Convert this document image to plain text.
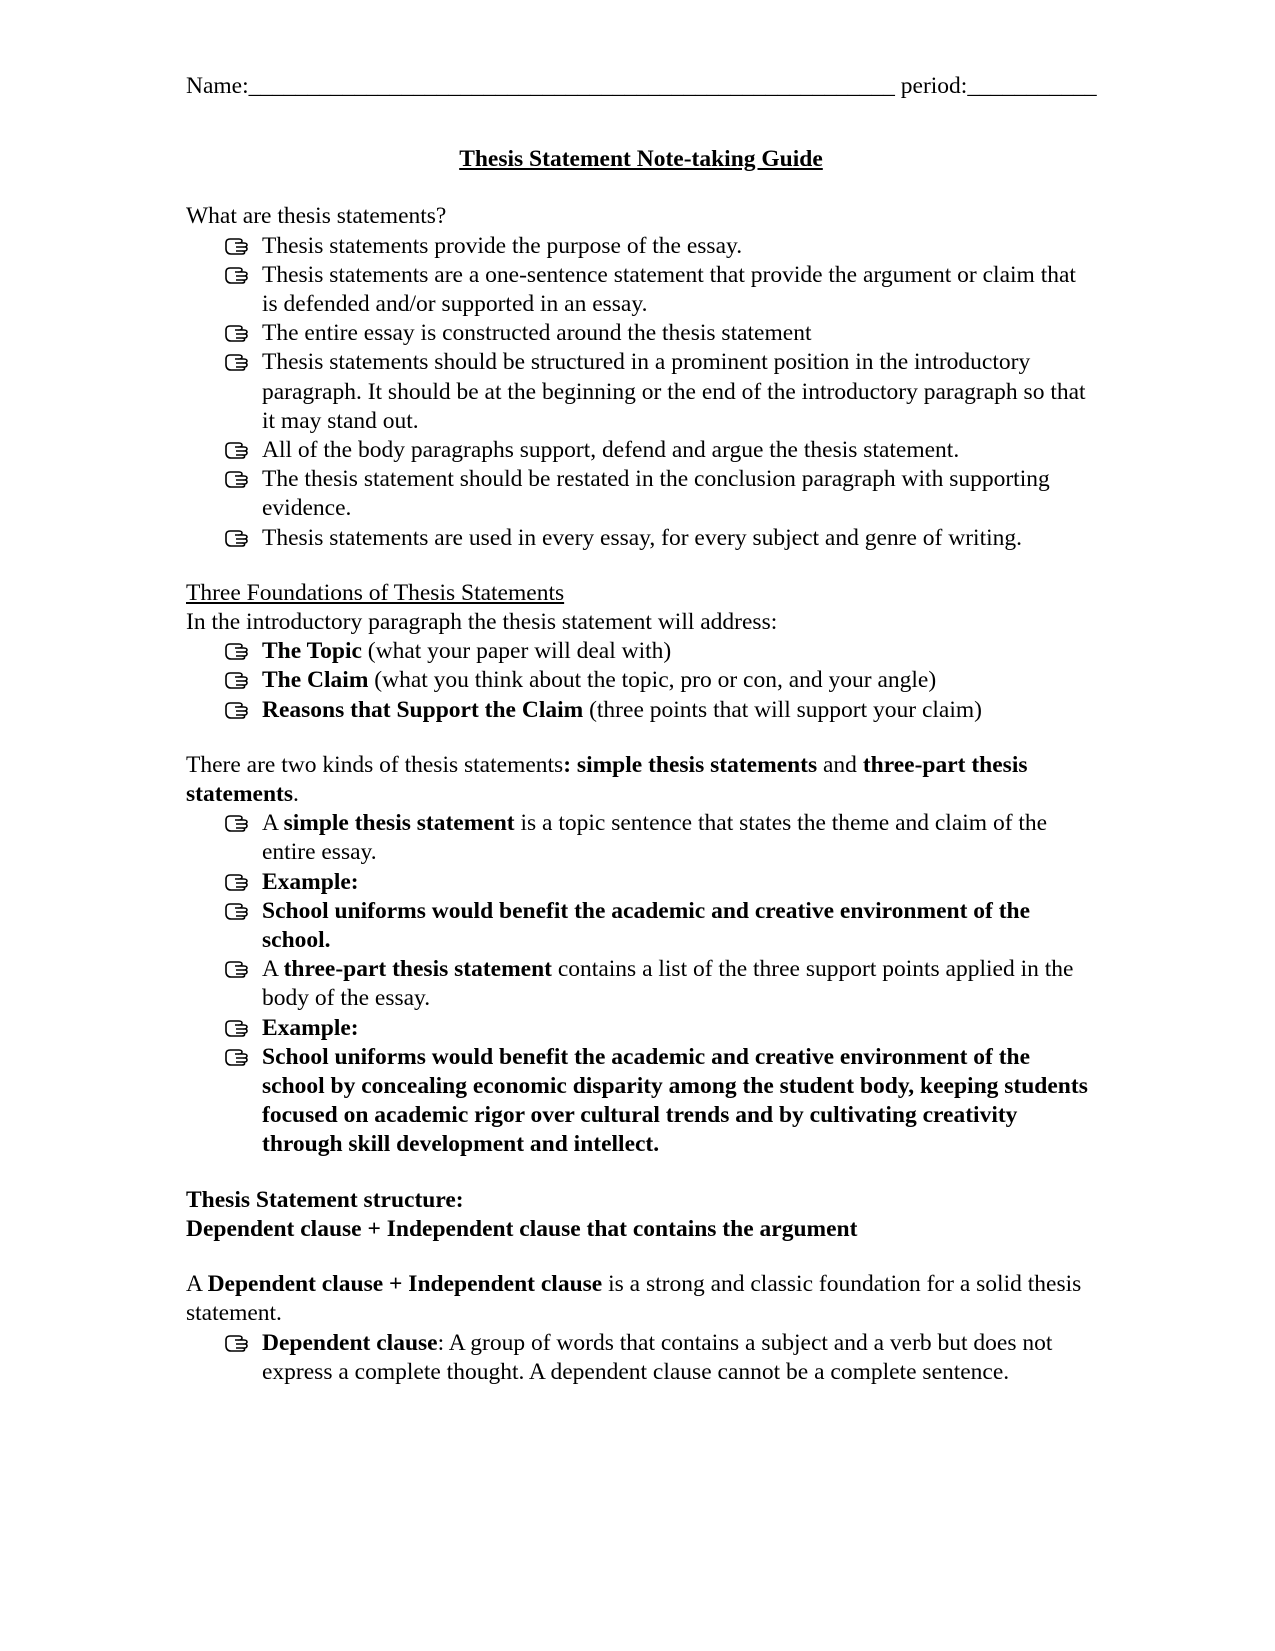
Name:_______________________________________________________ period:___________
Thesis Statement Note-taking Guide

What are thesis statements?

Thesis statements provide the purpose of the essay.
Thesis statements are a one-sentence statement that provide the argument or claim that is defended and/or supported in an essay.
The entire essay is constructed around the thesis statement
Thesis statements should be structured in a prominent position in the introductory paragraph. It should be at the beginning or the end of the introductory paragraph so that it may stand out.
All of the body paragraphs support, defend and argue the thesis statement.
The thesis statement should be restated in the conclusion paragraph with supporting evidence.
Thesis statements are used in every essay, for every subject and genre of writing.

Three Foundations of Thesis Statements

In the introductory paragraph the thesis statement will address:

The Topic (what your paper will deal with)
The Claim (what you think about the topic, pro or con, and your angle)
Reasons that Support the Claim (three points that will support your claim)

There are two kinds of thesis statements: simple thesis statements and three-part thesis statements.

A simple thesis statement is a topic sentence that states the theme and claim of the entire essay.
Example:
School uniforms would benefit the academic and creative environment of the school.
A three-part thesis statement contains a list of the three support points applied in the body of the essay.
Example:
School uniforms would benefit the academic and creative environment of the school by concealing economic disparity among the student body, keeping students focused on academic rigor over cultural trends and by cultivating creativity through skill development and intellect.

Thesis Statement structure:

Dependent clause + Independent clause that contains the argument

A Dependent clause + Independent clause is a strong and classic foundation for a solid thesis statement.

Dependent clause: A group of words that contains a subject and a verb but does not express a complete thought. A dependent clause cannot be a complete sentence.
